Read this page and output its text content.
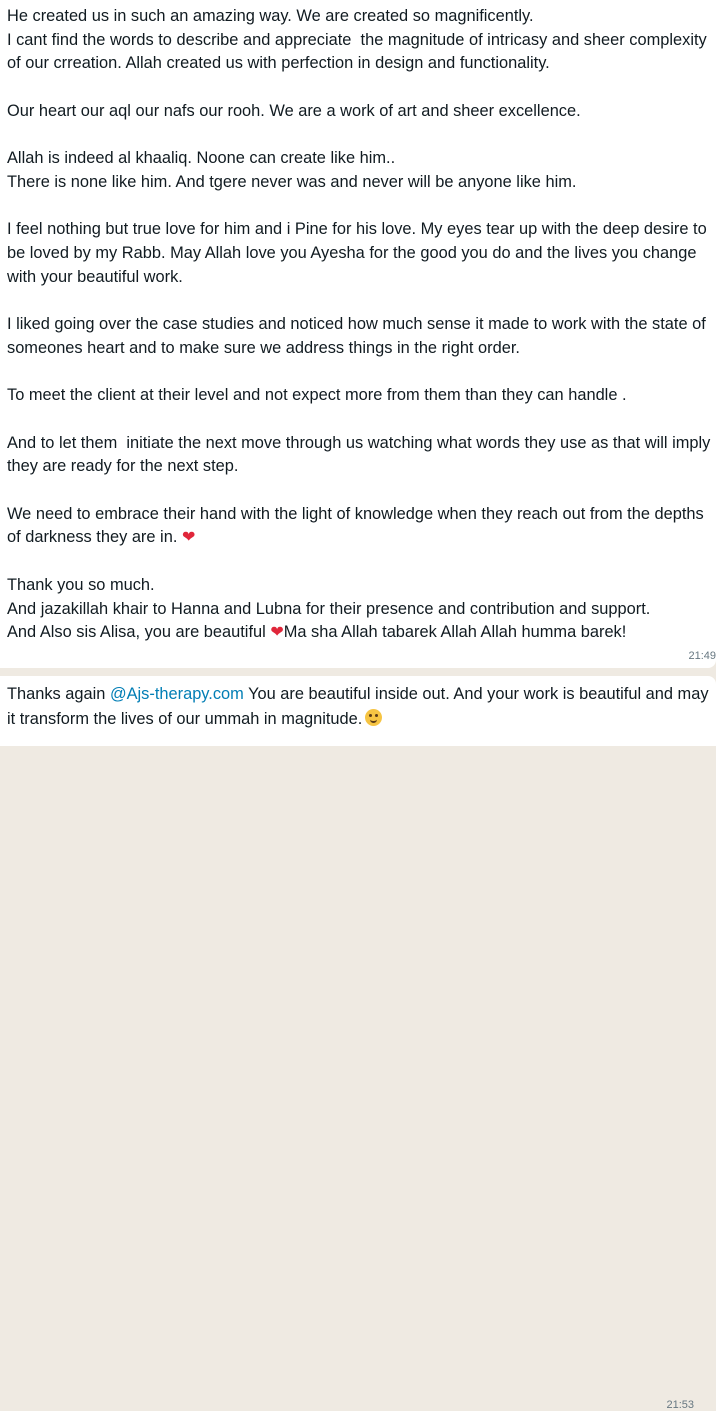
He created us in such an amazing way. We are created so magnificently.
I cant find the words to describe and appreciate  the magnitude of intricasy and sheer complexity of our crreation. Allah created us with perfection in design and functionality.

Our heart our aql our nafs our rooh. We are a work of art and sheer excellence.

Allah is indeed al khaaliq. Noone can create like him..
There is none like him. And tgere never was and never will be anyone like him.

I feel nothing but true love for him and i Pine for his love. My eyes tear up with the deep desire to be loved by my Rabb. May Allah love you Ayesha for the good you do and the lives you change with your beautiful work.

I liked going over the case studies and noticed how much sense it made to work with the state of someones heart and to make sure we address things in the right order.

To meet the client at their level and not expect more from them than they can handle .

And to let them  initiate the next move through us watching what words they use as that will imply they are ready for the next step.

We need to embrace their hand with the light of knowledge when they reach out from the depths of darkness they are in. ❤

Thank you so much.
And jazakillah khair to Hanna and Lubna for their presence and contribution and support.
And Also sis Alisa, you are beautiful ❤Ma sha Allah tabarek Allah Allah humma barek!

21:49

Thanks again @Ajs-therapy.com You are beautiful inside out. And your work is beautiful and may it transform the lives of our ummah in magnitude.

21:53
